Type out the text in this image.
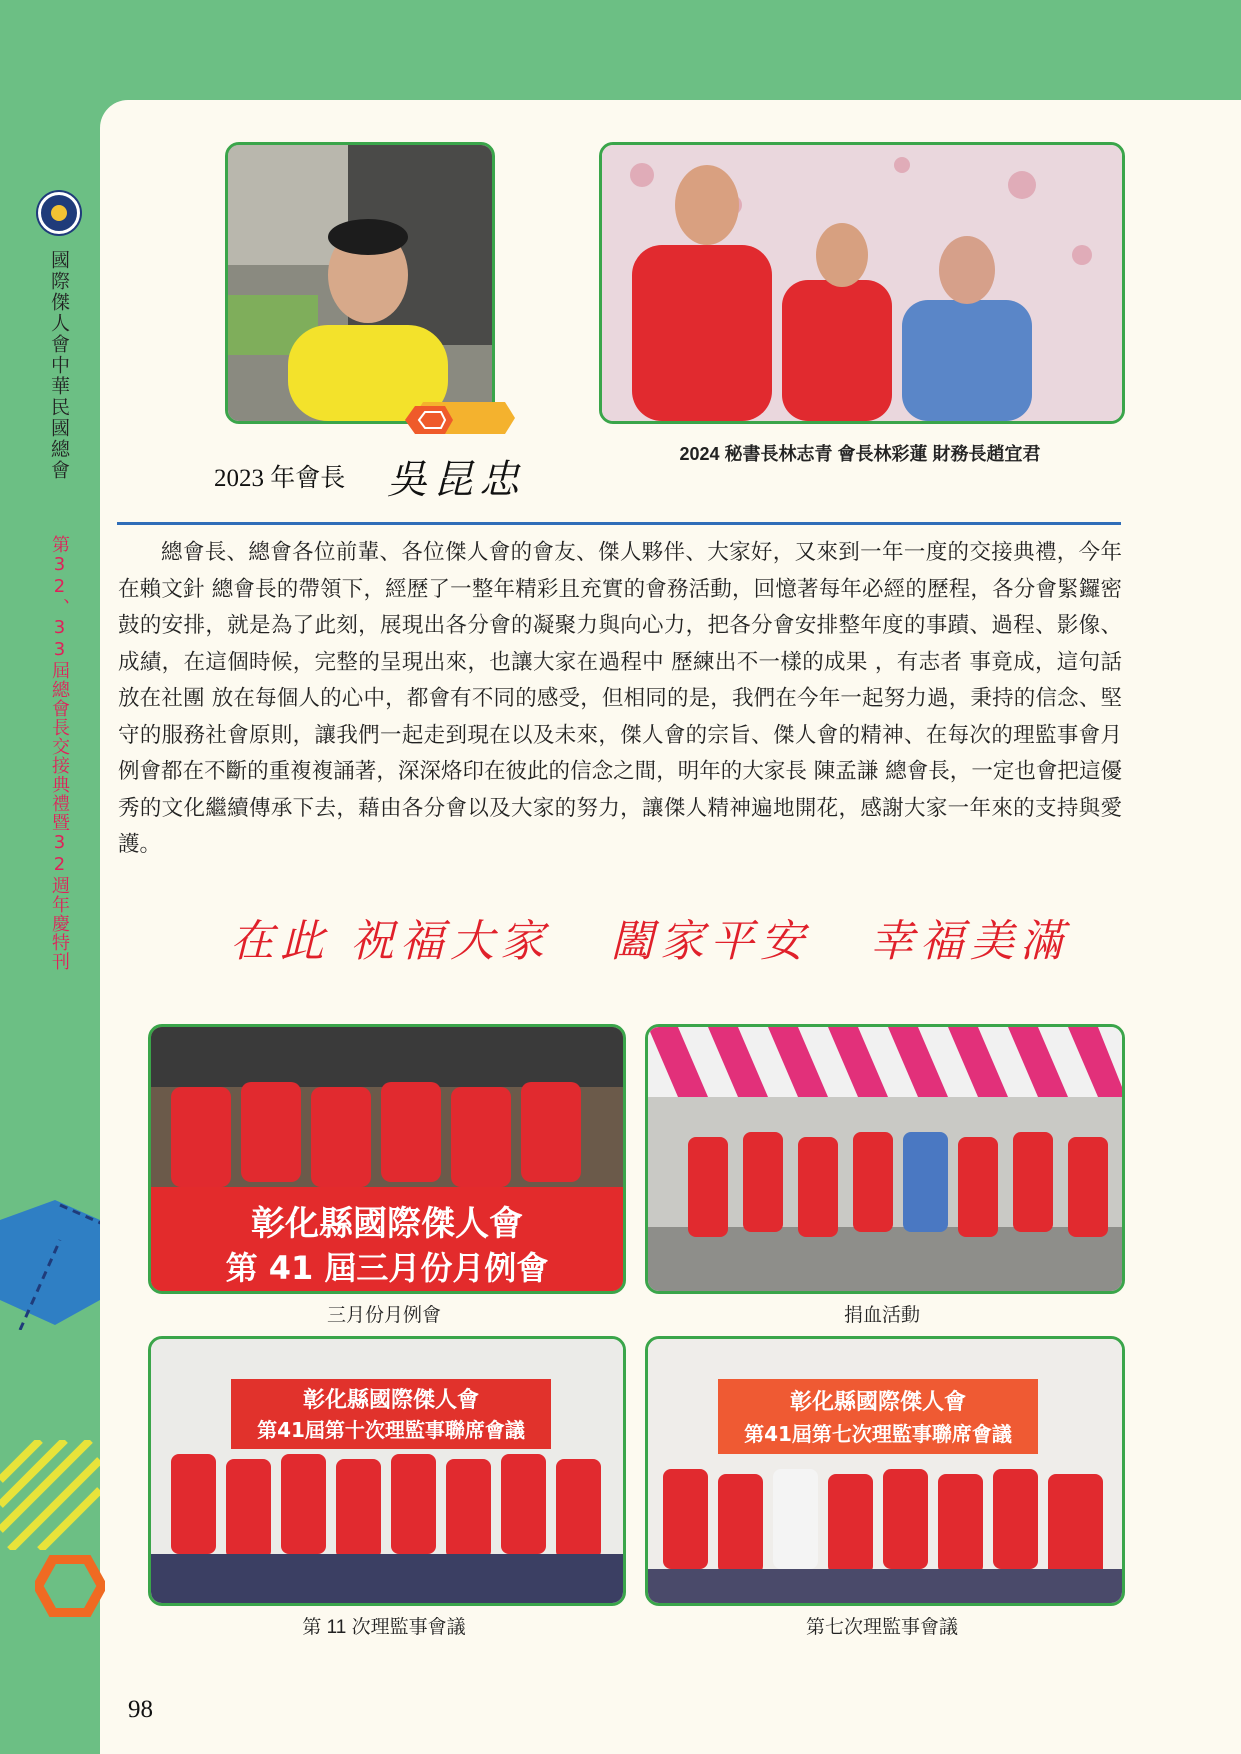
國際傑人會中華民國總會
第32、33屆總會長交接典禮暨32週年慶特刊
2024 秘書長林志青 會長林彩蓮 財務長趙宜君
2023 年會長 吳昆忠

總會長、總會各位前輩、各位傑人會的會友、傑人夥伴、大家好，又來到一年一度的交接典禮，今年在賴文針 總會長的帶領下，經歷了一整年精彩且充實的會務活動，回憶著每年必經的歷程，各分會緊鑼密鼓的安排，就是為了此刻，展現出各分會的凝聚力與向心力，把各分會安排整年度的事蹟、過程、影像、成績，在這個時候，完整的呈現出來，也讓大家在過程中 歷練出不一樣的成果 ，有志者 事竟成，這句話放在社團 放在每個人的心中，都會有不同的感受，但相同的是，我們在今年一起努力過，秉持的信念、堅守的服務社會原則，讓我們一起走到現在以及未來，傑人會的宗旨、傑人會的精神、在每次的理監事會月例會都在不斷的重複複誦著，深深烙印在彼此的信念之間，明年的大家長 陳孟謙 總會長，一定也會把這優秀的文化繼續傳承下去，藉由各分會以及大家的努力，讓傑人精神遍地開花，感謝大家一年來的支持與愛護。

在此 祝福大家   闔家平安   幸福美滿
彰化縣國際傑人會
第 41 屆三月份月例會
三月份月例會	捐血活動
彰化縣國際傑人會
第41屆第十次理監事聯席會議
第 11 次理監事會議
彰化縣國際傑人會
第41屆第七次理監事聯席會議
第七次理監事會議
98
